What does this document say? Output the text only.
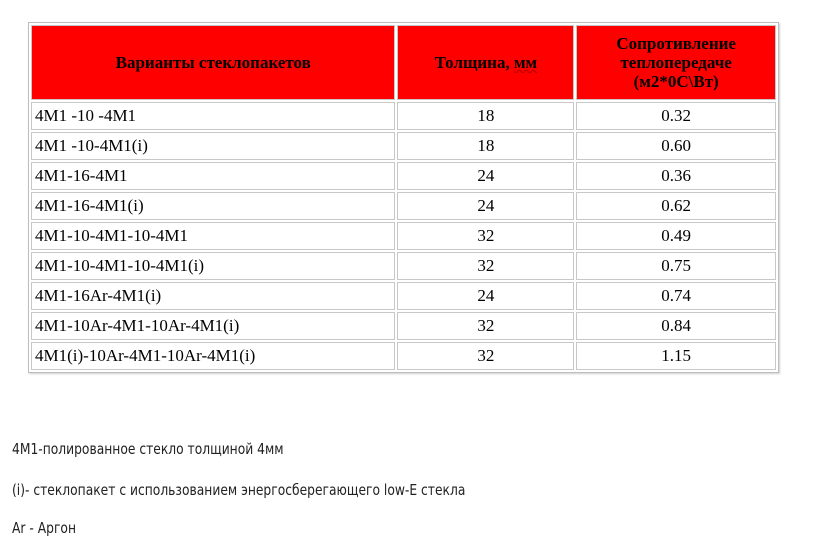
Варианты стеклопакетов	Толщина, мм	Сопротивление
теплопередаче
(м2*0С\Вт)
4М1 -10 -4М1	18	0.32
4М1 -10-4М1(i)	18	0.60
4М1-16-4М1	24	0.36
4М1-16-4М1(i)	24	0.62
4М1-10-4М1-10-4М1	32	0.49
4М1-10-4М1-10-4М1(i)	32	0.75
4М1-16Ar-4М1(i)	24	0.74
4М1-10Ar-4М1-10Ar-4М1(i)	32	0.84
4М1(i)-10Ar-4М1-10Ar-4М1(i)	32	1.15
4М1-полированное стекло толщиной 4мм
(i)- стеклопакет с использованием энергосберегающего low-E стекла
Ar - Аргон
